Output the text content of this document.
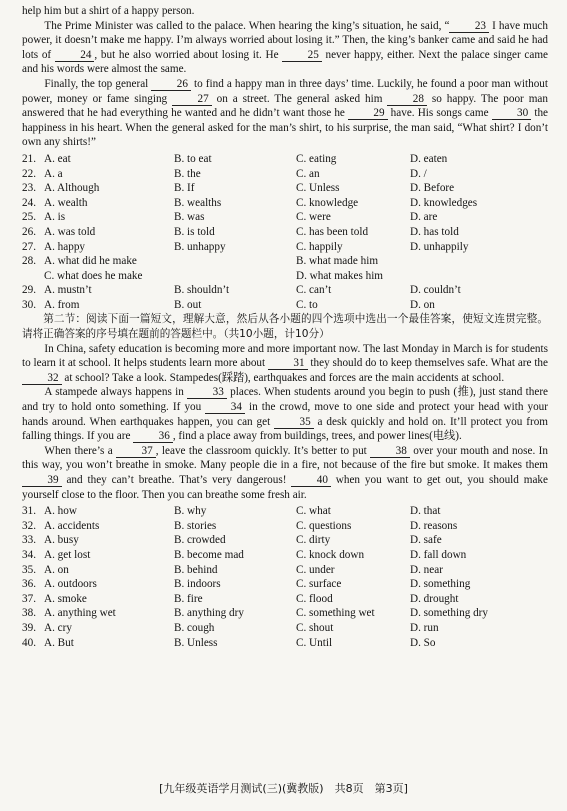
help him but a shirt of a happy person.

The Prime Minister was called to the palace. When hearing the king’s situation, he said, “ 23 I have much power, it doesn’t make me happy. I’m always worried about losing it.” Then, the king’s banker came and said he had lots of 24 , but he also worried about losing it. He 25 never happy, either. Next the palace singer came and his words were almost the same.

Finally, the top general 26 to find a happy man in three days’ time. Luckily, he found a poor man without power, money or fame singing 27 on a street. The general asked him 28 so happy. The poor man answered that he had everything he wanted and he didn’t want those he 29 have. His songs came 30 the happiness in his heart. When the general asked for the man’s shirt, to his surprise, the man said, “What shirt? I don’t own any shirts!”

21. A. eat	B. to eat	C. eating	D. eaten
22. A. a	B. the	C. an	D. /
23. A. Although	B. If	C. Unless	D. Before
24. A. wealth	B. wealths	C. knowledge	D. knowledges
25. A. is	B. was	C. were	D. are
26. A. was told	B. is told	C. has been told	D. has told
27. A. happy	B. unhappy	C. happily	D. unhappily
28. A. what did he make	B. what made him
C. what does he make	D. what makes him
29. A. mustn’t	B. shouldn’t	C. can’t	D. couldn’t
30. A. from	B. out	C. to	D. on

第二节：阅读下面一篇短文，理解大意，然后从各小题的四个选项中选出一个最佳答案，使短文连贯完整。请将正确答案的序号填在题前的答题栏中。（共10小题，计10分）

In China, safety education is becoming more and more important now. The last Monday in March is for students to learn it at school. It helps students learn more about 31 they should do to keep themselves safe. What are the 32 at school? Take a look. Stampedes(踩踏), earthquakes and forces are the main accidents at school.

A stampede always happens in 33 places. When students around you begin to push (推), just stand there and try to hold onto something. If you 34 in the crowd, move to one side and protect your head with your hands around. When earthquakes happen, you can get 35 a desk quickly and hold on. It’ll protect you from falling things. If you are 36 , find a place away from buildings, trees, and power lines(电线).

When there’s a 37 , leave the classroom quickly. It’s better to put 38 over your mouth and nose. In this way, you won’t breathe in smoke. Many people die in a fire, not because of the fire but smoke. It makes them 39 and they can’t breathe. That’s very dangerous! 40 when you want to get out, you should make yourself close to the floor. Then you can breathe some fresh air.

31. A. how	B. why	C. what	D. that
32. A. accidents	B. stories	C. questions	D. reasons
33. A. busy	B. crowded	C. dirty	D. safe
34. A. get lost	B. become mad	C. knock down	D. fall down
35. A. on	B. behind	C. under	D. near
36. A. outdoors	B. indoors	C. surface	D. something
37. A. smoke	B. fire	C. flood	D. drought
38. A. anything wet	B. anything dry	C. something wet	D. something dry
39. A. cry	B. cough	C. shout	D. run
40. A. But	B. Unless	C. Until	D. So
[九年级英语学月测试(三)(冀教版)　共8页　第3页]
